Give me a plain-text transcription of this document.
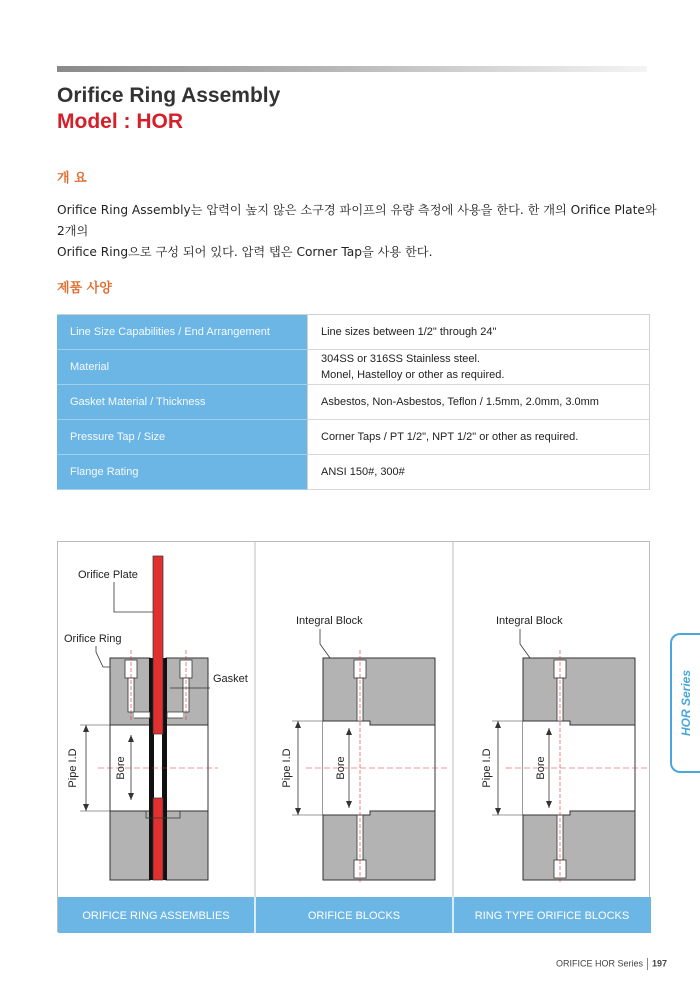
Orifice Ring Assembly
Model : HOR
개 요
Orifice Ring Assembly는 압력이 높지 않은 소구경 파이프의 유량 측정에 사용을 한다. 한 개의 Orifice Plate와 2개의
Orifice Ring으로 구성 되어 있다. 압력 탭은 Corner Tap을 사용 한다.
제품 사양
Line Size Capabilities / End Arrangement	Line sizes between 1/2" through 24"
Material	304SS or 316SS Stainless steel.
Monel, Hastelloy or other as required.

Gasket Material / Thickness	Asbestos, Non-Asbestos, Teflon / 1.5mm, 2.0mm, 3.0mm
Pressure Tap / Size	Corner Taps / PT 1/2", NPT 1/2" or other as required.
Flange Rating	ANSI 150#, 300#
ORIFICE RING ASSEMBLIES	ORIFICE BLOCKS	RING TYPE ORIFICE BLOCKS
Orifice Plate
Orifice Ring
Gasket
Pipe I.D	Bore
Integral Block
Pipe I.D	Bore
Integral Block
Pipe I.D	Bore
HOR Series
ORIFICE HOR Series 197
